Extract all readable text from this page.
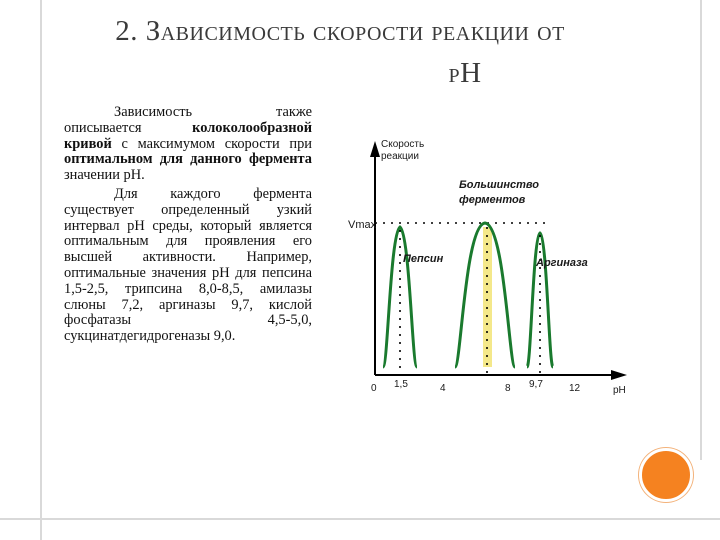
2. Зависимость скорости реакции от
рН

Зависимость также описывается колоколообразной кривой с максимумом скорости при оптимальном для данного фермента значении рН.

Для каждого фермента существует определенный узкий интервал рН среды, который является оптимальным для проявления его высшей активности. Например, оптимальные значения рН для пепсина 1,5-2,5, трипсина 8,0-8,5, амилазы слюны 7,2, аргиназы 9,7, кислой фосфатазы 4,5-5,0, сукцинатдегидрогеназы 9,0.

Скорость
реакции
Vmax
Пепсин
Большинство
ферментов
Аргиназа
0 1,5	4	8 9,7	12	pH
